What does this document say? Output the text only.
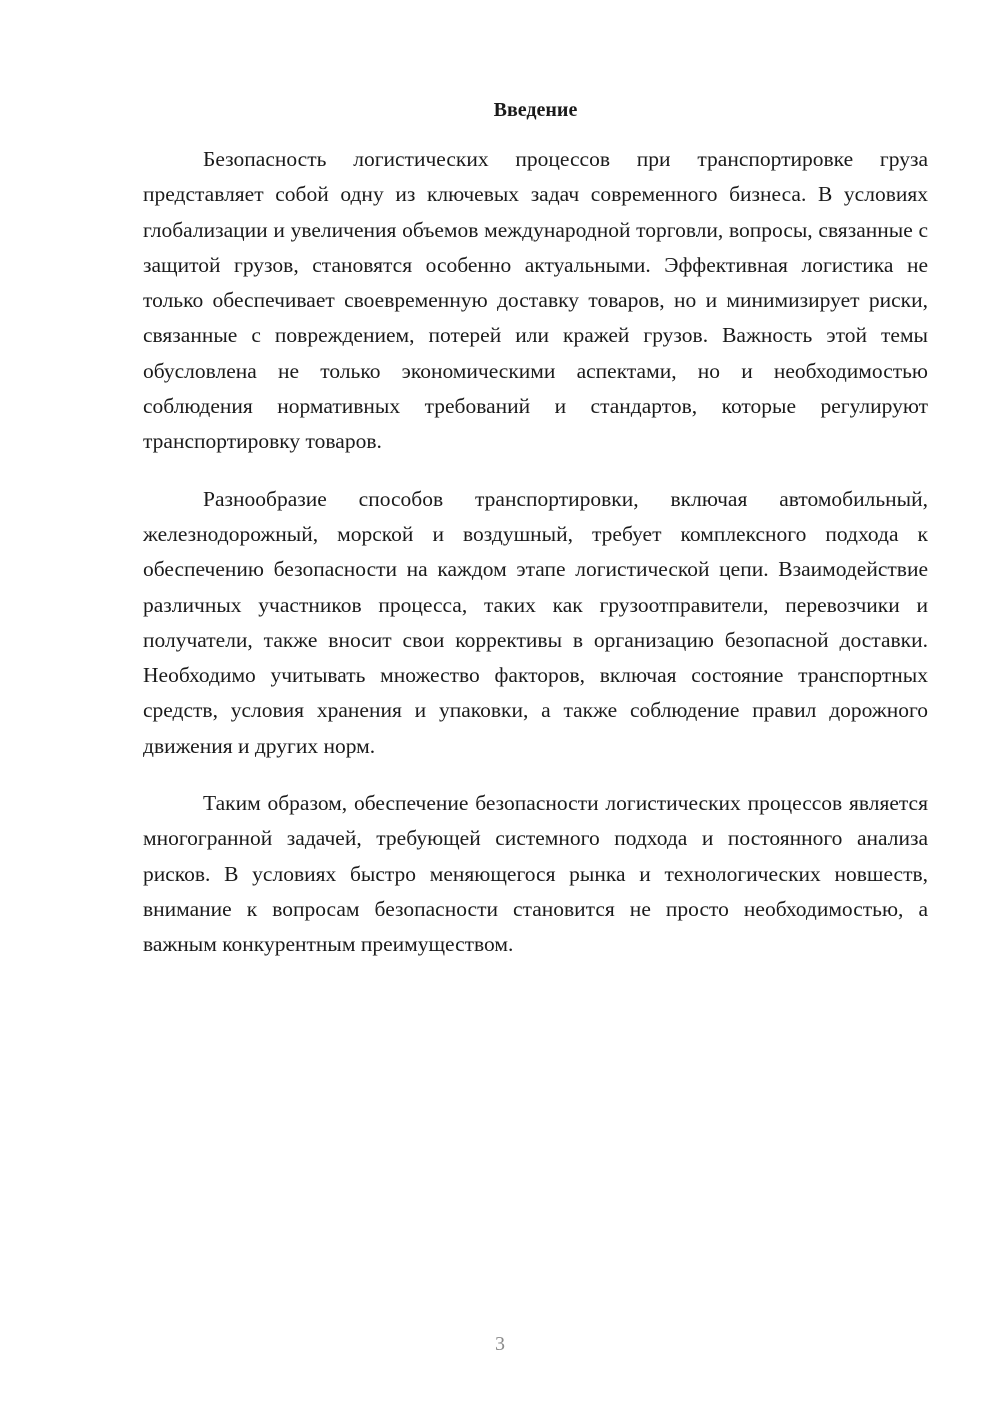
Введение

Безопасность логистических процессов при транспортировке груза представляет собой одну из ключевых задач современного бизнеса. В условиях глобализации и увеличения объемов международной торговли, вопросы, связанные с защитой грузов, становятся особенно актуальными. Эффективная логистика не только обеспечивает своевременную доставку товаров, но и минимизирует риски, связанные с повреждением, потерей или кражей грузов. Важность этой темы обусловлена не только экономическими аспектами, но и необходимостью соблюдения нормативных требований и стандартов, которые регулируют транспортировку товаров.

Разнообразие способов транспортировки, включая автомобильный, железнодорожный, морской и воздушный, требует комплексного подхода к обеспечению безопасности на каждом этапе логистической цепи. Взаимодействие различных участников процесса, таких как грузоотправители, перевозчики и получатели, также вносит свои коррективы в организацию безопасной доставки. Необходимо учитывать множество факторов, включая состояние транспортных средств, условия хранения и упаковки, а также соблюдение правил дорожного движения и других норм.

Таким образом, обеспечение безопасности логистических процессов является многогранной задачей, требующей системного подхода и постоянного анализа рисков. В условиях быстро меняющегося рынка и технологических новшеств, внимание к вопросам безопасности становится не просто необходимостью, а важным конкурентным преимуществом.

3
